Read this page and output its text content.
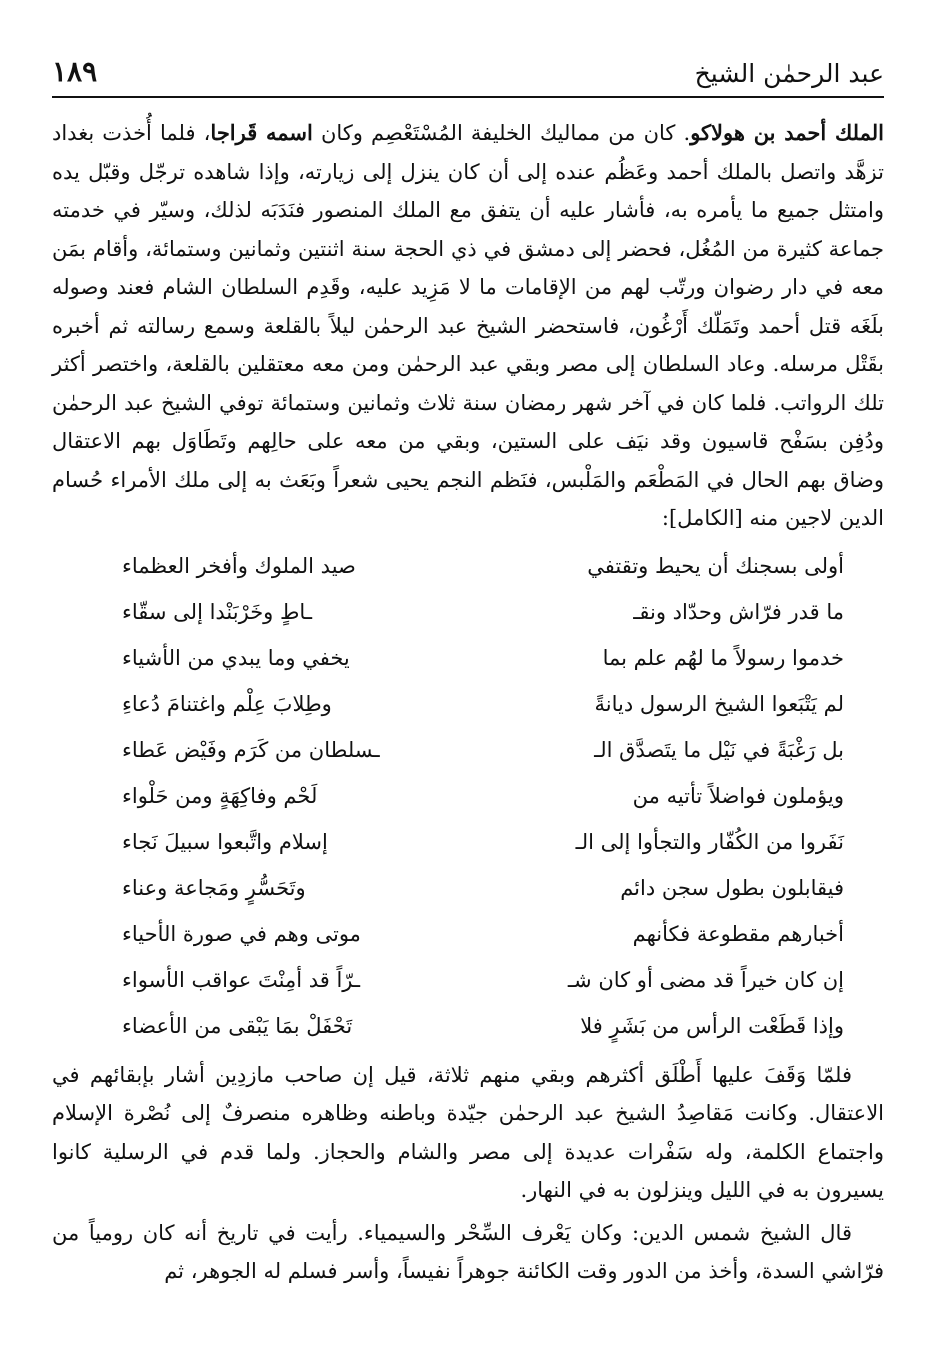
عبد الرحمٰن الشيخ
١٨٩

الملك أحمد بن هولاكو. كان من مماليك الخليفة المُسْتَعْصِم وكان اسمه قَراجا، فلما أُخذت بغداد تزهَّد واتصل بالملك أحمد وعَظُم عنده إلى أن كان ينزل إلى زيارته، وإذا شاهده ترجّل وقبّل يده وامتثل جميع ما يأمره به، فأشار عليه أن يتفق مع الملك المنصور فنَدَبَه لذلك، وسيّر في خدمته جماعة كثيرة من المُغُل، فحضر إلى دمشق في ذي الحجة سنة اثنتين وثمانين وستمائة، وأقام بمَن معه في دار رضوان ورتّب لهم من الإقامات ما لا مَزِيد عليه، وقَدِم السلطان الشام فعند وصوله بلَغَه قتل أحمد وتَمَلّك أَرْغُون، فاستحضر الشيخ عبد الرحمٰن ليلاً بالقلعة وسمع رسالته ثم أخبره بقَتْل مرسله. وعاد السلطان إلى مصر وبقي عبد الرحمٰن ومن معه معتقلين بالقلعة، واختصر أكثر تلك الرواتب. فلما كان في آخر شهر رمضان سنة ثلاث وثمانين وستمائة توفي الشيخ عبد الرحمٰن ودُفِن بسَفْح قاسيون وقد نيَف على الستين، وبقي من معه على حالِهم وتَطَاوَل بهم الاعتقال وضاق بهم الحال في المَطْعَم والمَلْبس، فنَظم النجم يحيى شعراً وبَعَث به إلى ملك الأمراء حُسام الدين لاجين منه [الكامل]:

أولى بسجنك أن يحيط وتقتفي
صيد الملوك وأفخر العظماء
ما قدر فرّاش وحدّاد ونقـ
ـاطٍ وخَرْبَنْدا إلى سقّاء
خدموا رسولاً ما لهُم علم بما
يخفي وما يبدي من الأشياء
لم يَتْبَعوا الشيخ الرسول ديانةً
وطِلابَ عِلْم واغتنامَ دُعاءِ
بل رَغْبَةً في نَيْل ما يتَصدَّق الـ
ـسلطان من كَرَم وفَيْض عَطاء
ويؤملون فواضلاً تأتيه من
لَحْم وفاكِهَةٍ ومن حَلْواء
نَفَروا من الكُفّار والتجأوا إلى الـ
إسلام واتَّبعوا سبيلَ نَجاء
فيقابلون بطول سجن دائم
وتَحَسُّرٍ ومَجاعة وعناء
أخبارهم مقطوعة فكأنهم
موتى وهم في صورة الأحياء
إن كان خيراً قد مضى أو كان شـ
ـرّاً قد أمِنْتَ عواقب الأسواء
وإذا قَطَعْت الرأس من بَشَرٍ فلا
تَحْفَلْ بمَا يَبْقى من الأعضاء

فلمّا وَقَفَ عليها أَطْلَق أكثرهم وبقي منهم ثلاثة، قيل إن صاحب مازدِين أشار بإبقائهم في الاعتقال. وكانت مَقاصِدُ الشيخ عبد الرحمٰن جيّدة وباطنه وظاهره منصرفٌ إلى نُصْرة الإسلام واجتماع الكلمة، وله سَفْرات عديدة إلى مصر والشام والحجاز. ولما قدم في الرسلية كانوا يسيرون به في الليل وينزلون به في النهار.

قال الشيخ شمس الدين: وكان يَعْرف السِّحْر والسيمياء. رأيت في تاريخ أنه كان رومياً من فرّاشي السدة، وأخذ من الدور وقت الكائنة جوهراً نفيساً، وأسر فسلم له الجوهر، ثم
